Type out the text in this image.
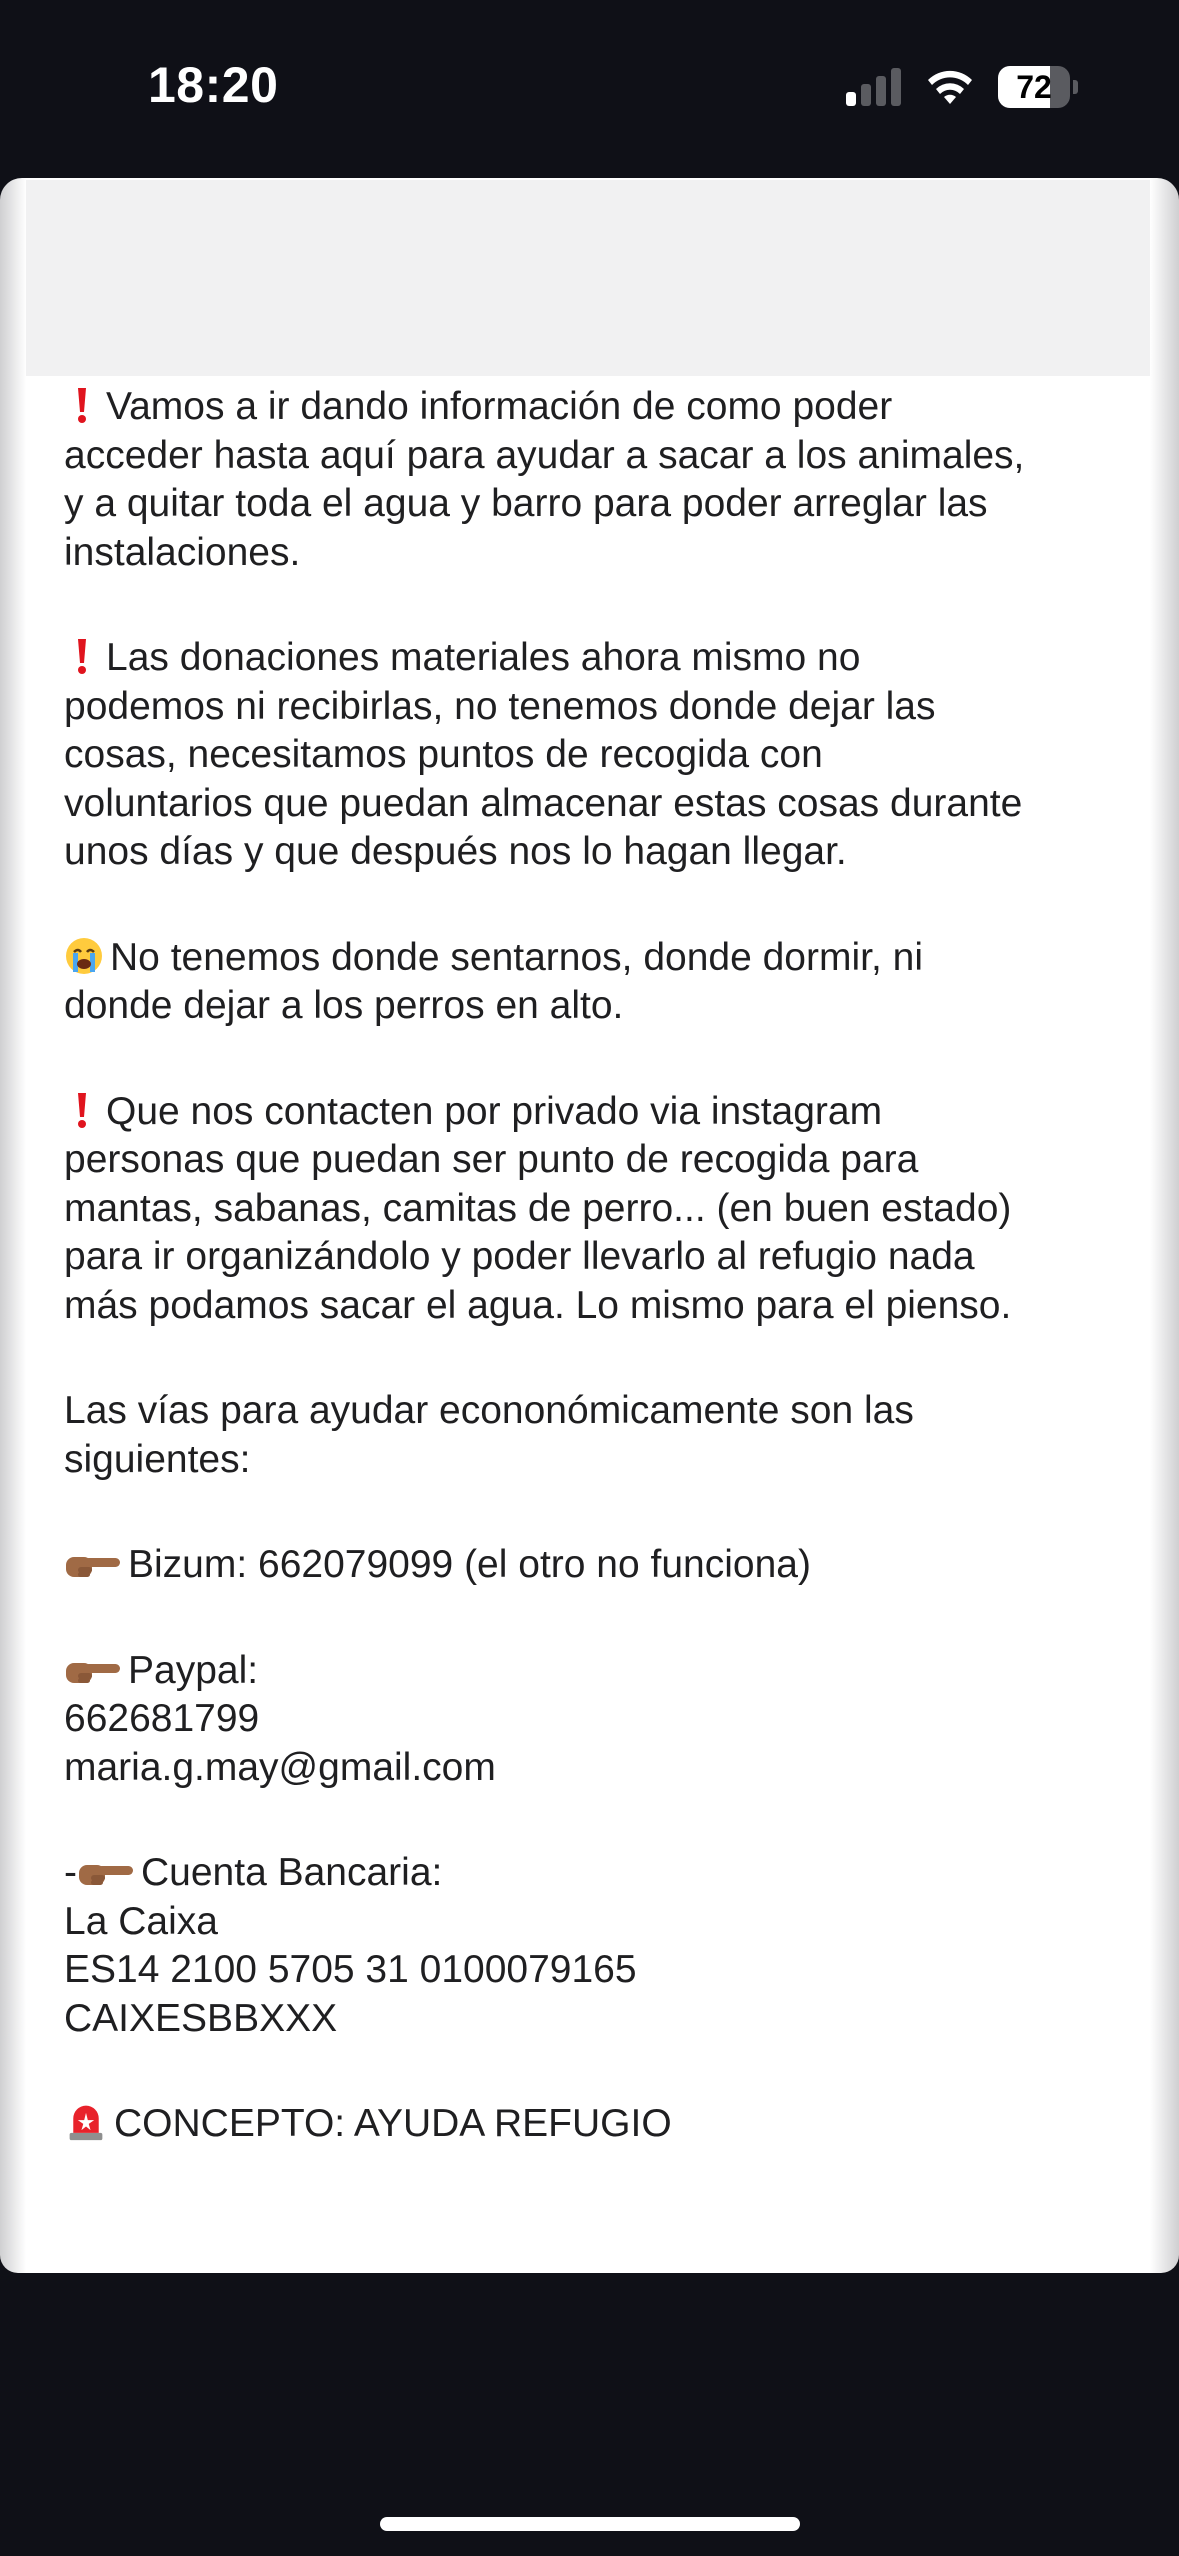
18:20	72
Vamos a ir dando información de como poder
acceder hasta aquí para ayudar a sacar a los animales,
y a quitar toda el agua y barro para poder arreglar las
instalaciones.
Las donaciones materiales ahora mismo no
podemos ni recibirlas, no tenemos donde dejar las
cosas, necesitamos puntos de recogida con
voluntarios que puedan almacenar estas cosas durante
unos días y que después nos lo hagan llegar.
No tenemos donde sentarnos, donde dormir, ni
donde dejar a los perros en alto.
Que nos contacten por privado via instagram
personas que puedan ser punto de recogida para
mantas, sabanas, camitas de perro... (en buen estado)
para ir organizándolo y poder llevarlo al refugio nada
más podamos sacar el agua. Lo mismo para el pienso.
Las vías para ayudar econonómicamente son las
siguientes:
Bizum: 662079099 (el otro no funciona)
Paypal:
662681799
maria.g.may@gmail.com
- Cuenta Bancaria:
La Caixa
ES14 2100 5705 31 0100079165
CAIXESBBXXX
CONCEPTO: AYUDA REFUGIO
